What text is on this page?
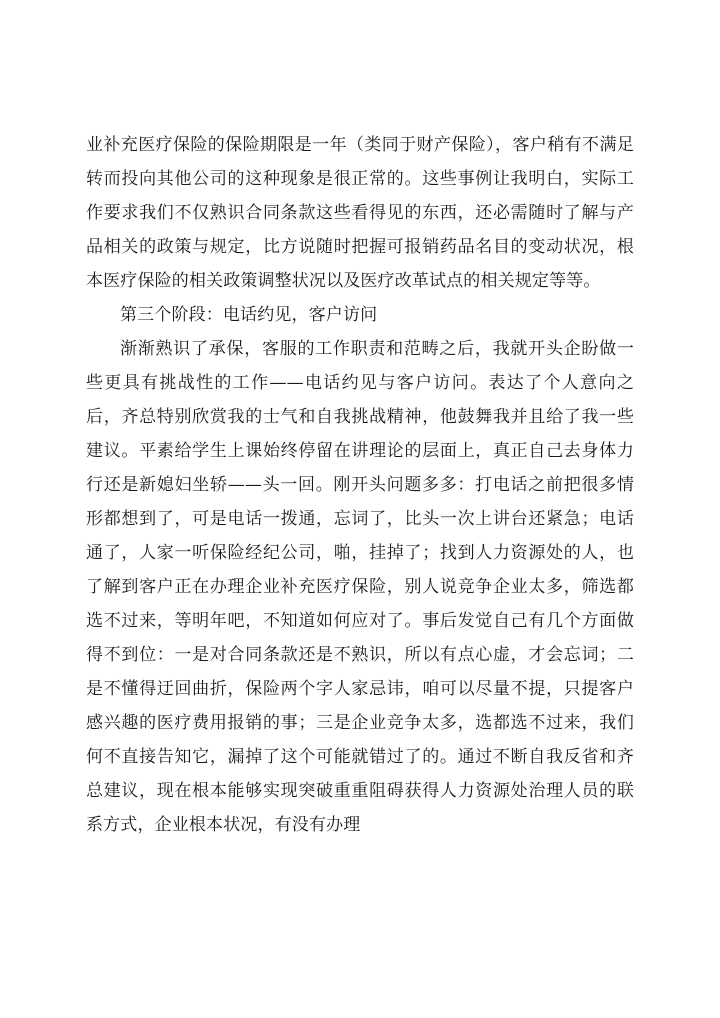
业补充医疗保险的保险期限是一年（类同于财产保险），客户稍有不满足转而投向其他公司的这种现象是很正常的。这些事例让我明白，实际工作要求我们不仅熟识合同条款这些看得见的东西，还必需随时了解与产品相关的政策与规定，比方说随时把握可报销药品名目的变动状况，根本医疗保险的相关政策调整状况以及医疗改革试点的相关规定等等。

第三个阶段：电话约见，客户访问

渐渐熟识了承保，客服的工作职责和范畴之后，我就开头企盼做一些更具有挑战性的工作——电话约见与客户访问。表达了个人意向之后，齐总特别欣赏我的士气和自我挑战精神，他鼓舞我并且给了我一些建议。平素给学生上课始终停留在讲理论的层面上，真正自己去身体力行还是新媳妇坐轿——头一回。刚开头问题多多：打电话之前把很多情形都想到了，可是电话一拨通，忘词了，比头一次上讲台还紧急；电话通了，人家一听保险经纪公司，啪，挂掉了；找到人力资源处的人，也了解到客户正在办理企业补充医疗保险，别人说竞争企业太多，筛选都选不过来，等明年吧，不知道如何应对了。事后发觉自己有几个方面做得不到位：一是对合同条款还是不熟识，所以有点心虚，才会忘词；二是不懂得迂回曲折，保险两个字人家忌讳，咱可以尽量不提，只提客户感兴趣的医疗费用报销的事；三是企业竞争太多，选都选不过来，我们何不直接告知它，漏掉了这个可能就错过了的。通过不断自我反省和齐总建议，现在根本能够实现突破重重阻碍获得人力资源处治理人员的联系方式，企业根本状况，有没有办理
